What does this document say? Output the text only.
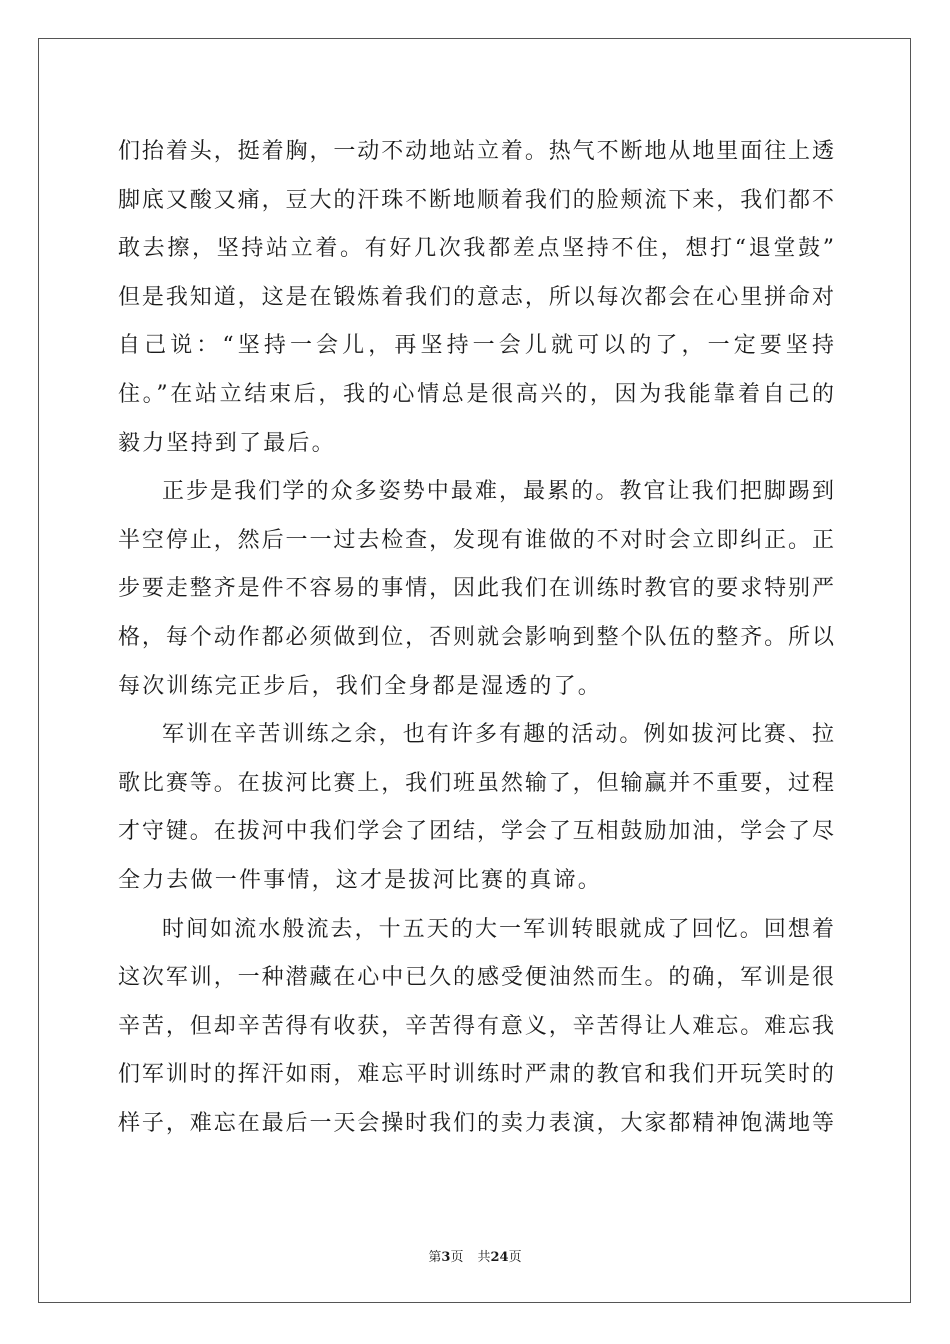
们抬着头，挺着胸，一动不动地站立着。热气不断地从地里面往上透
脚底又酸又痛，豆大的汗珠不断地顺着我们的脸颊流下来，我们都不
敢去擦，坚持站立着。有好几次我都差点坚持不住，想打“退堂鼓”
但是我知道，这是在锻炼着我们的意志，所以每次都会在心里拼命对
自己说：“坚持一会儿，再坚持一会儿就可以的了，一定要坚持
住。”在站立结束后，我的心情总是很高兴的，因为我能靠着自己的
毅力坚持到了最后。
正步是我们学的众多姿势中最难，最累的。教官让我们把脚踢到
半空停止，然后一一过去检查，发现有谁做的不对时会立即纠正。正
步要走整齐是件不容易的事情，因此我们在训练时教官的要求特别严
格，每个动作都必须做到位，否则就会影响到整个队伍的整齐。所以
每次训练完正步后，我们全身都是湿透的了。
军训在辛苦训练之余，也有许多有趣的活动。例如拔河比赛、拉
歌比赛等。在拔河比赛上，我们班虽然输了，但输赢并不重要，过程
才守键。在拔河中我们学会了团结，学会了互相鼓励加油，学会了尽
全力去做一件事情，这才是拔河比赛的真谛。
时间如流水般流去，十五天的大一军训转眼就成了回忆。回想着
这次军训，一种潜藏在心中已久的感受便油然而生。的确，军训是很
辛苦，但却辛苦得有收获，辛苦得有意义，辛苦得让人难忘。难忘我
们军训时的挥汗如雨，难忘平时训练时严肃的教官和我们开玩笑时的
样子，难忘在最后一天会操时我们的卖力表演，大家都精神饱满地等
第3页 共24页
